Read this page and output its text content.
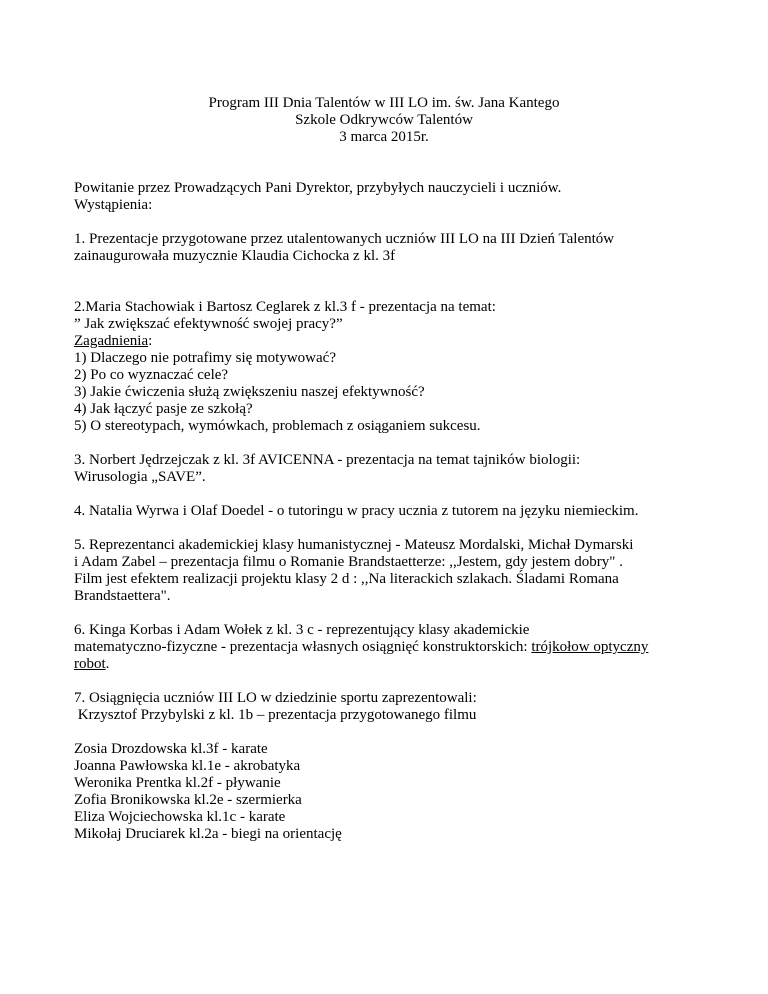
Program III Dnia Talentów w III LO im. św. Jana Kantego
Szkole Odkrywców Talentów
3 marca 2015r.
Powitanie przez Prowadzących Pani Dyrektor, przybyłych nauczycieli i uczniów.
Wystąpienia:
1. Prezentacje przygotowane przez utalentowanych uczniów III LO na III Dzień Talentów
zainaugurowała muzycznie Klaudia Cichocka z kl. 3f
2.Maria Stachowiak i Bartosz Ceglarek z kl.3 f - prezentacja na temat:
” Jak zwiększać efektywność swojej pracy?”
Zagadnienia:
1) Dlaczego nie potrafimy się motywować?
2) Po co wyznaczać cele?
3) Jakie ćwiczenia służą zwiększeniu naszej efektywność?
4) Jak łączyć pasje ze szkołą?
5) O stereotypach, wymówkach, problemach z osiąganiem sukcesu.
3. Norbert Jędrzejczak z kl. 3f AVICENNA - prezentacja na temat tajników biologii:
Wirusologia „SAVE”.
4. Natalia Wyrwa i Olaf Doedel - o tutoringu w pracy ucznia z tutorem na języku niemieckim.
5. Reprezentanci akademickiej klasy humanistycznej - Mateusz Mordalski, Michał Dymarski
i Adam Zabel – prezentacja filmu o Romanie Brandstaetterze: ,,Jestem, gdy jestem dobry" .
Film jest efektem realizacji projektu klasy 2 d : ,,Na literackich szlakach. Śladami Romana
Brandstaettera".
6. Kinga Korbas i Adam Wołek z kl. 3 c - reprezentujący klasy akademickie
matematyczno-fizyczne - prezentacja własnych osiągnięć konstruktorskich: trójkołow optyczny
robot.
7. Osiągnięcia uczniów III LO w dziedzinie sportu zaprezentowali:
Krzysztof Przybylski z kl. 1b – prezentacja przygotowanego filmu
Zosia Drozdowska kl.3f - karate
Joanna Pawłowska kl.1e - akrobatyka
Weronika Prentka kl.2f - pływanie
Zofia Bronikowska kl.2e - szermierka
Eliza Wojciechowska kl.1c - karate
Mikołaj Druciarek kl.2a - biegi na orientację
